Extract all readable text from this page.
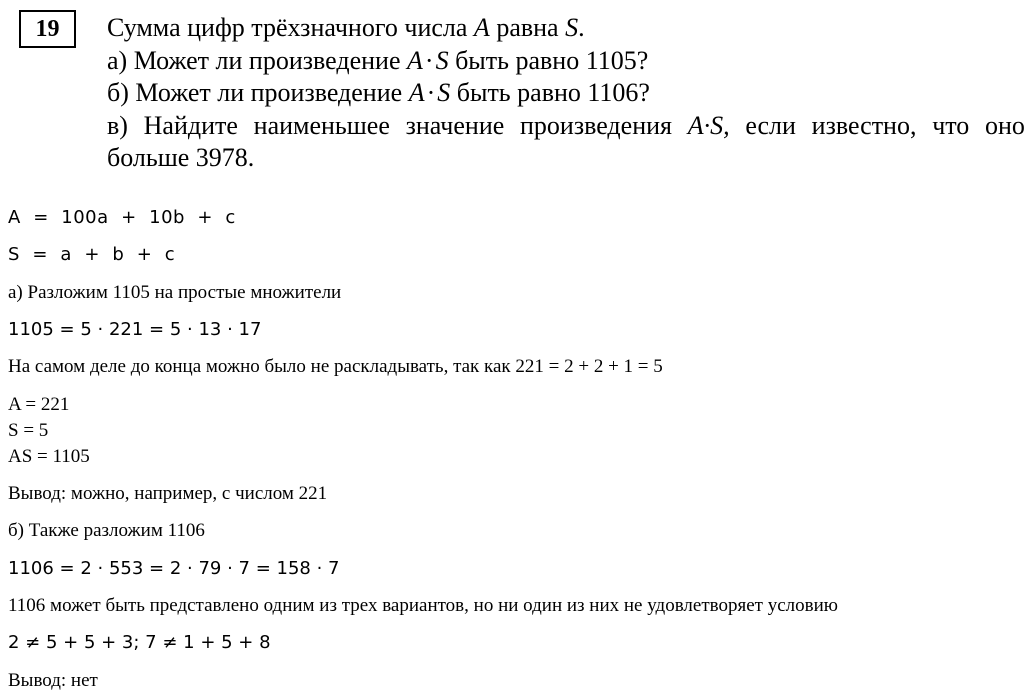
19 Сумма цифр трёхзначного числа A равна S.
а) Может ли произведение A·S быть равно 1105?
б) Может ли произведение A·S быть равно 1106?
в) Найдите наименьшее значение произведения A·S, если известно, что оно
больше 3978.
A  =  100a  +  10b  +  c
S  =  a  +  b  +  c
а) Разложим 1105 на простые множители
1105 = 5 · 221 = 5 · 13 · 17
На самом деле до конца можно было не раскладывать, так как 221 = 2 + 2 + 1 = 5
A = 221
S = 5
AS = 1105
Вывод: можно, например, с числом 221
б) Также разложим 1106
1106 = 2 · 553 = 2 · 79 · 7 = 158 · 7
1106 может быть представлено одним из трех вариантов, но ни один из них не удовлетворяет условию
2 ≠ 5 + 5 + 3; 7 ≠ 1 + 5 + 8
Вывод: нет
